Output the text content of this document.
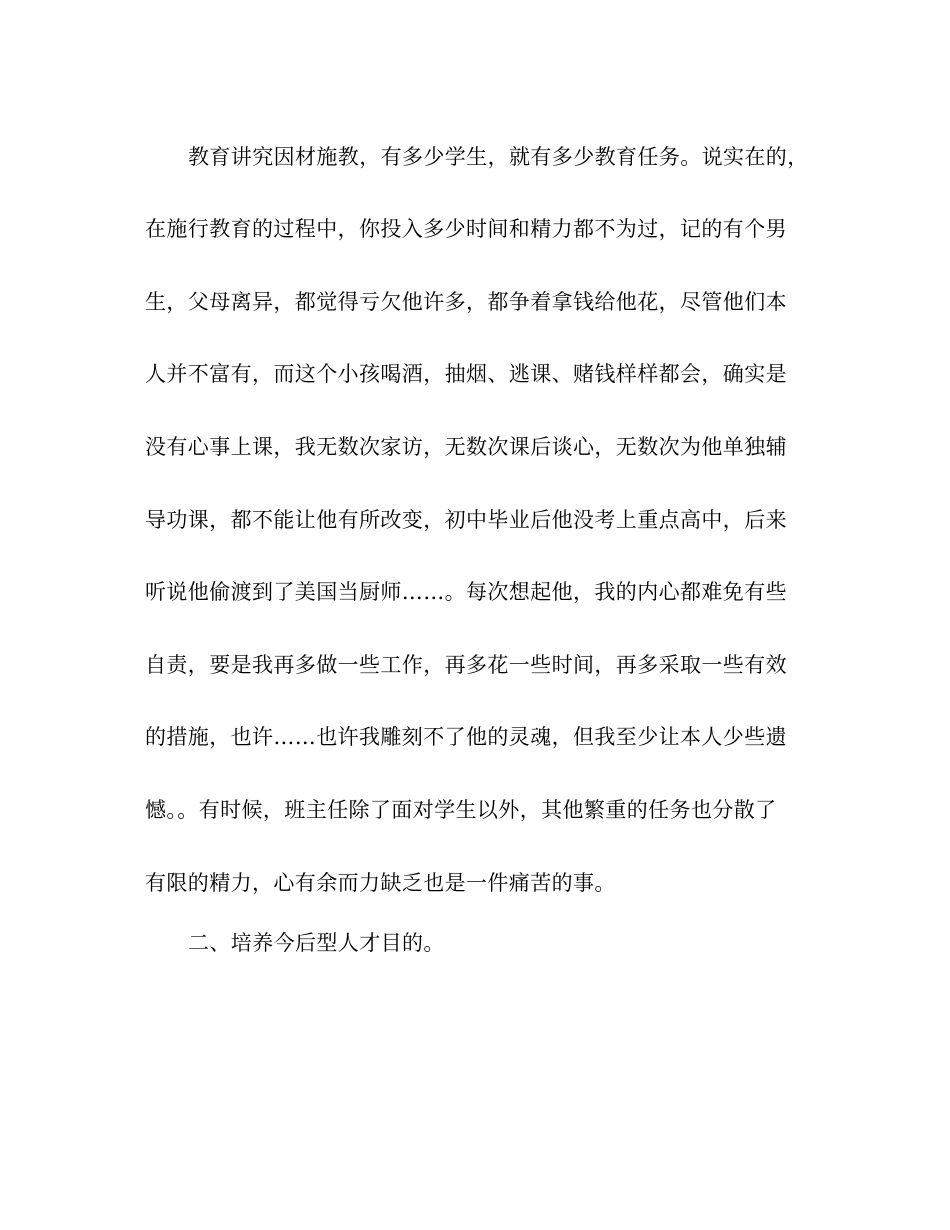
教育讲究因材施教，有多少学生，就有多少教育任务。说实在的，
在施行教育的过程中，你投入多少时间和精力都不为过，记的有个男
生，父母离异，都觉得亏欠他许多，都争着拿钱给他花，尽管他们本
人并不富有，而这个小孩喝酒，抽烟、逃课、赌钱样样都会，确实是
没有心事上课，我无数次家访，无数次课后谈心，无数次为他单独辅
导功课，都不能让他有所改变，初中毕业后他没考上重点高中，后来
听说他偷渡到了美国当厨师……。每次想起他，我的内心都难免有些
自责，要是我再多做一些工作，再多花一些时间，再多采取一些有效
的措施，也许……也许我雕刻不了他的灵魂，但我至少让本人少些遗
憾。。有时候，班主任除了面对学生以外，其他繁重的任务也分散了
有限的精力，心有余而力缺乏也是一件痛苦的事。
二、培养今后型人才目的。
